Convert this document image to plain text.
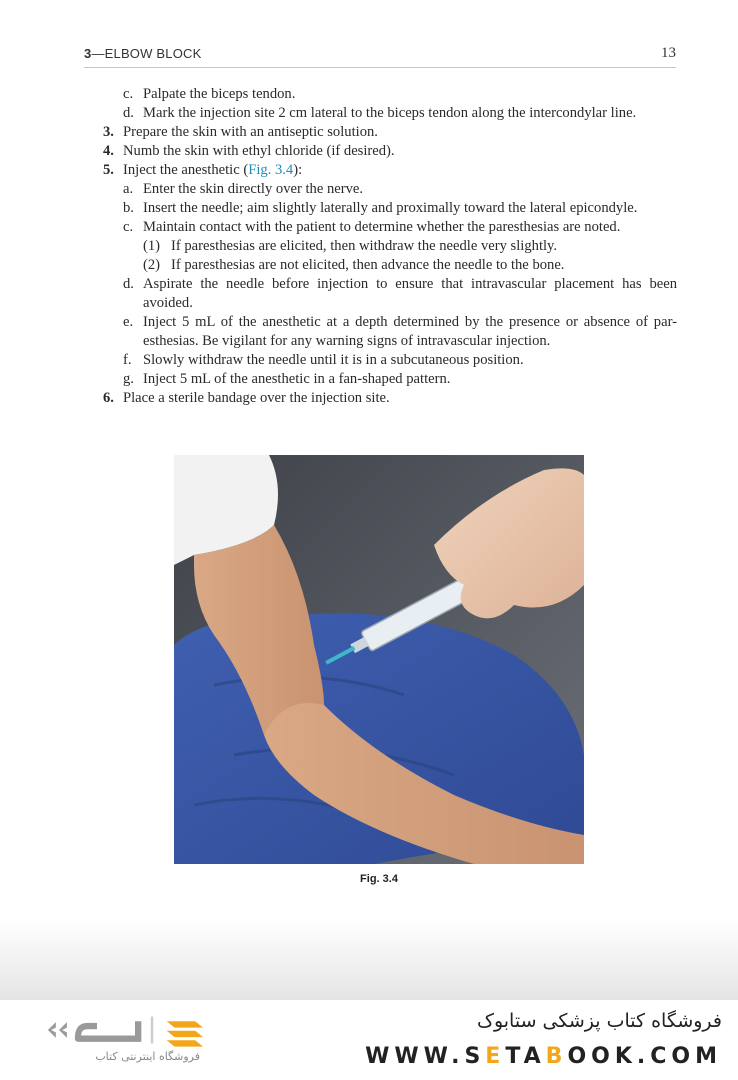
3—ELBOW BLOCK	13
c. Palpate the biceps tendon.
d. Mark the injection site 2 cm lateral to the biceps tendon along the intercondylar line.
3. Prepare the skin with an antiseptic solution.
4. Numb the skin with ethyl chloride (if desired).
5. Inject the anesthetic (Fig. 3.4):
a. Enter the skin directly over the nerve.
b. Insert the needle; aim slightly laterally and proximally toward the lateral epicondyle.
c. Maintain contact with the patient to determine whether the paresthesias are noted.
(1) If paresthesias are elicited, then withdraw the needle very slightly.
(2) If paresthesias are not elicited, then advance the needle to the bone.
d. Aspirate the needle before injection to ensure that intravascular placement has been avoided.
e. Inject 5 mL of the anesthetic at a depth determined by the presence or absence of par-esthesias. Be vigilant for any warning signs of intravascular injection.
f. Slowly withdraw the needle until it is in a subcutaneous position.
g. Inject 5 mL of the anesthetic in a fan-shaped pattern.
6. Place a sterile bandage over the injection site.
Fig. 3.4
فروشگاه اینترنتی کتاب
فروشگاه کتاب پزشکی ستابوک
WWW.SETABOOK.COM
